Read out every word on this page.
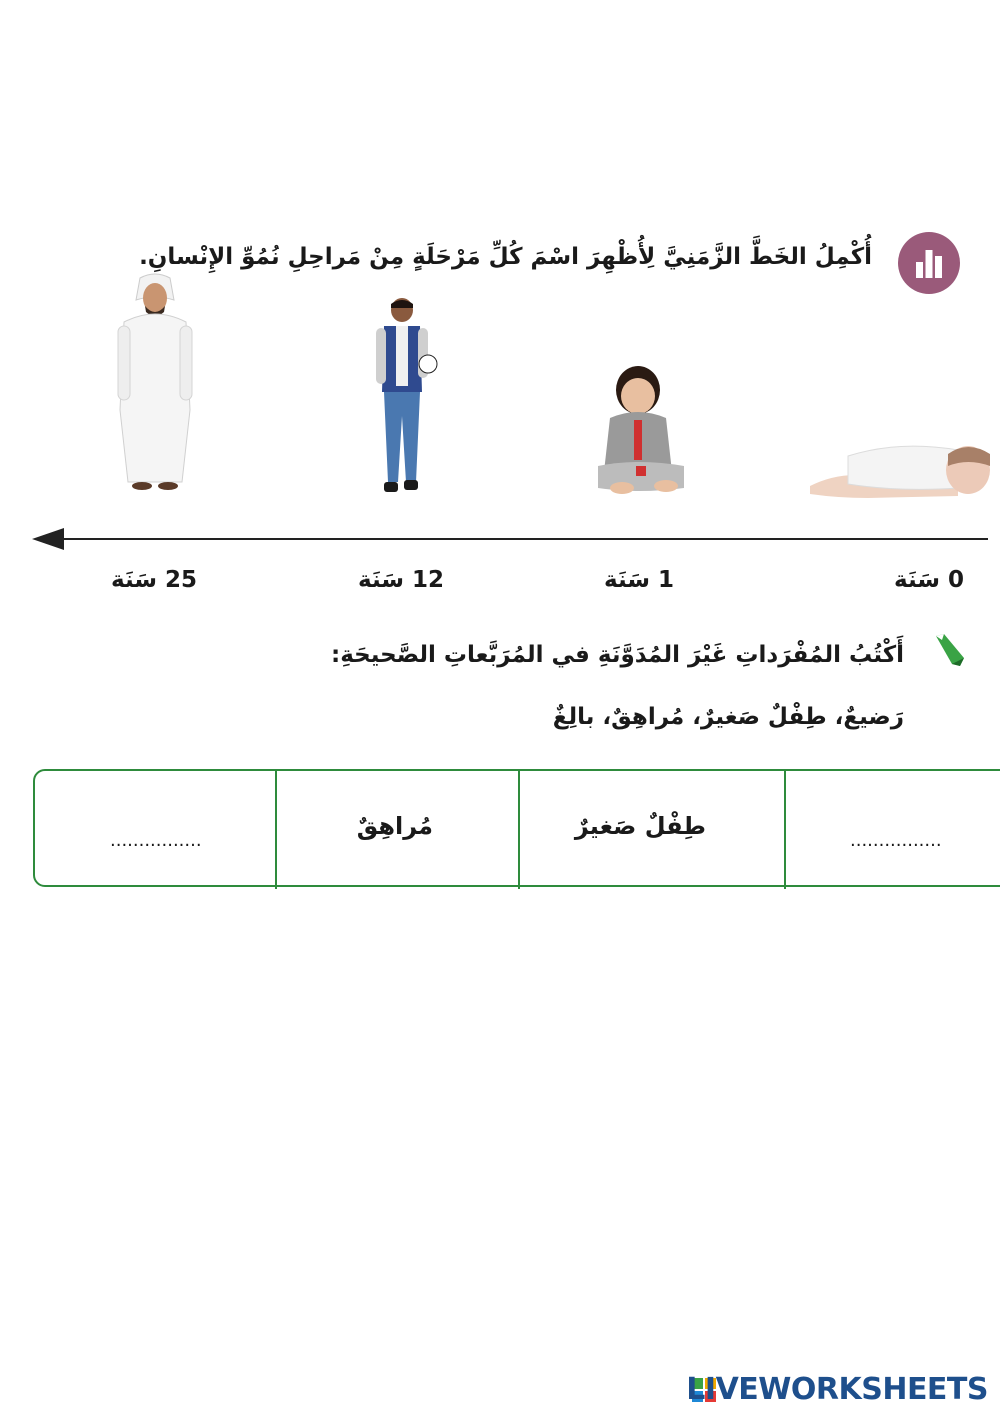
أُكْمِلُ الخَطَّ الزَّمَنِيَّ لِأُظْهِرَ اسْمَ كُلِّ مَرْحَلَةٍ مِنْ مَراحِلِ نُمُوِّ الإِنْسانِ.
0 سَنَة
1 سَنَة
12 سَنَة
25 سَنَة
أَكْتُبُ المُفْرَداتِ غَيْرَ المُدَوَّنَةِ في المُرَبَّعاتِ الصَّحيحَةِ:
رَضيعٌ، طِفْلٌ صَغيرٌ، مُراهِقٌ، بالِغٌ
................
طِفْلٌ صَغيرٌ
مُراهِقٌ
................
LIVEWORKSHEETS
